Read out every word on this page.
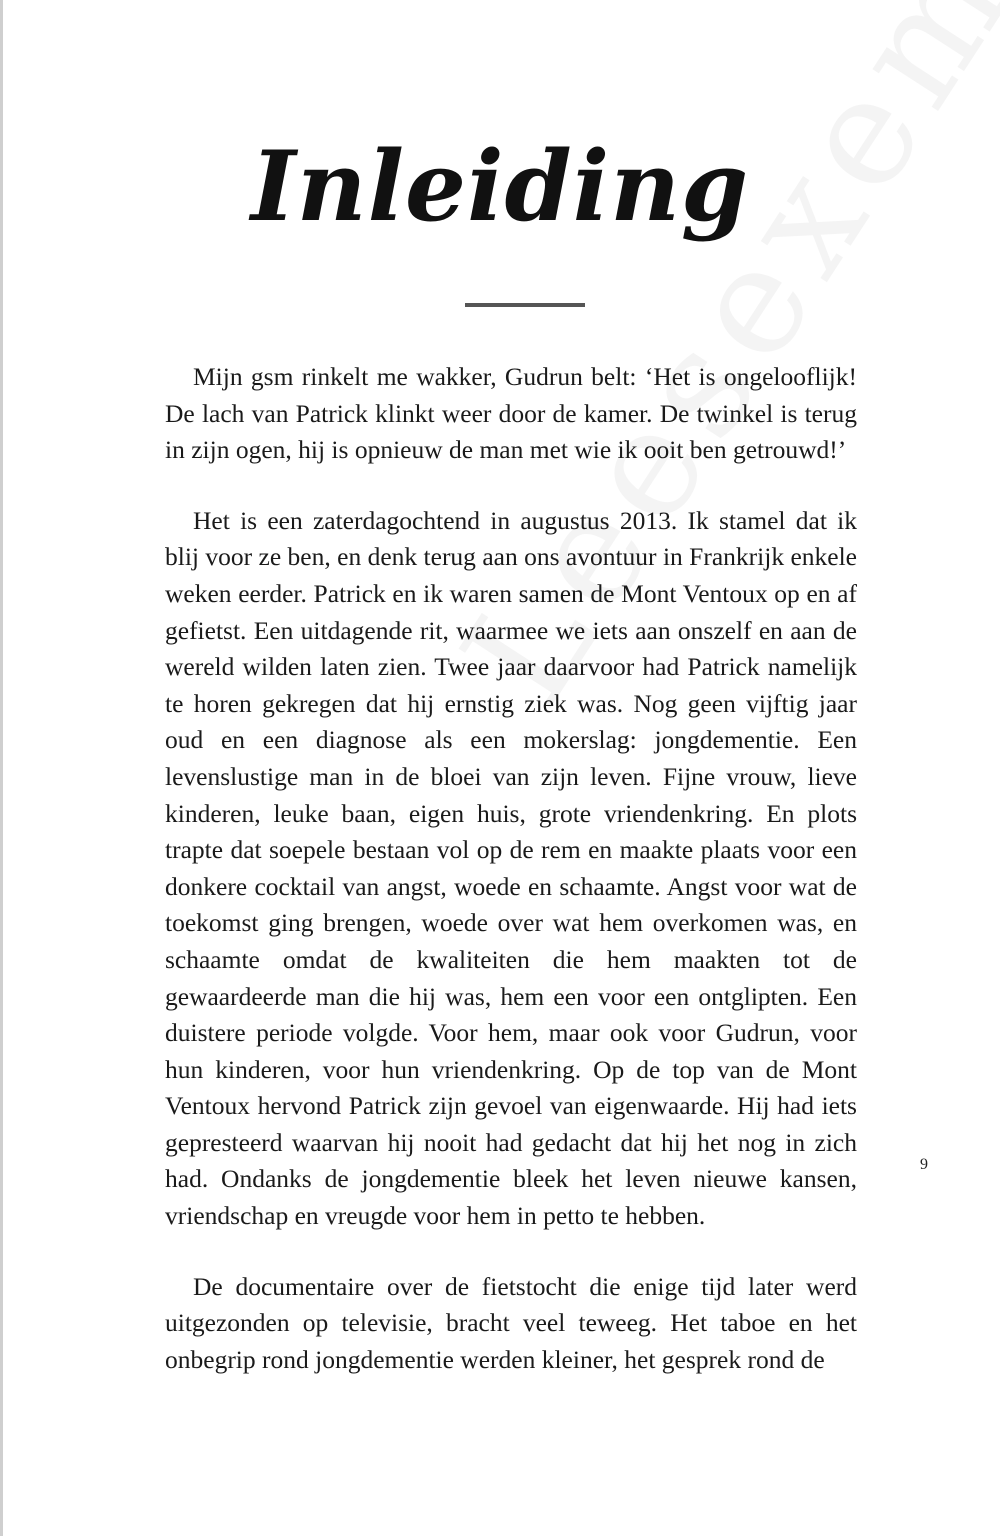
Inleiding

Mijn gsm rinkelt me wakker, Gudrun belt: ‘Het is ongelooflijk! De lach van Patrick klinkt weer door de kamer. De twinkel is terug in zijn ogen, hij is opnieuw de man met wie ik ooit ben getrouwd!’

Het is een zaterdagochtend in augustus 2013. Ik stamel dat ik blij voor ze ben, en denk terug aan ons avontuur in Frankrijk enkele weken eerder. Patrick en ik waren samen de Mont Ventoux op en af gefietst. Een uitdagende rit, waarmee we iets aan onszelf en aan de wereld wilden laten zien. Twee jaar daarvoor had Patrick namelijk te horen gekregen dat hij ernstig ziek was. Nog geen vijftig jaar oud en een diagnose als een mokerslag: jongdementie. Een levenslustige man in de bloei van zijn leven. Fijne vrouw, lieve kinderen, leuke baan, eigen huis, grote vriendenkring. En plots trapte dat soepele bestaan vol op de rem en maakte plaats voor een donkere cocktail van angst, woede en schaamte. Angst voor wat de toekomst ging brengen, woede over wat hem overkomen was, en schaamte omdat de kwaliteiten die hem maakten tot de gewaardeerde man die hij was, hem een voor een ontglipten. Een duistere periode volgde. Voor hem, maar ook voor Gudrun, voor hun kinderen, voor hun vriendenkring. Op de top van de Mont Ventoux hervond Patrick zijn gevoel van eigenwaarde. Hij had iets gepresteerd waarvan hij nooit had gedacht dat hij het nog in zich had. Ondanks de jongdementie bleek het leven nieuwe kansen, vriendschap en vreugde voor hem in petto te hebben.

De documentaire over de fietstocht die enige tijd later werd uitgezonden op televisie, bracht veel teweeg. Het taboe en het onbegrip rond jongdementie werden kleiner, het gesprek rond de

9
